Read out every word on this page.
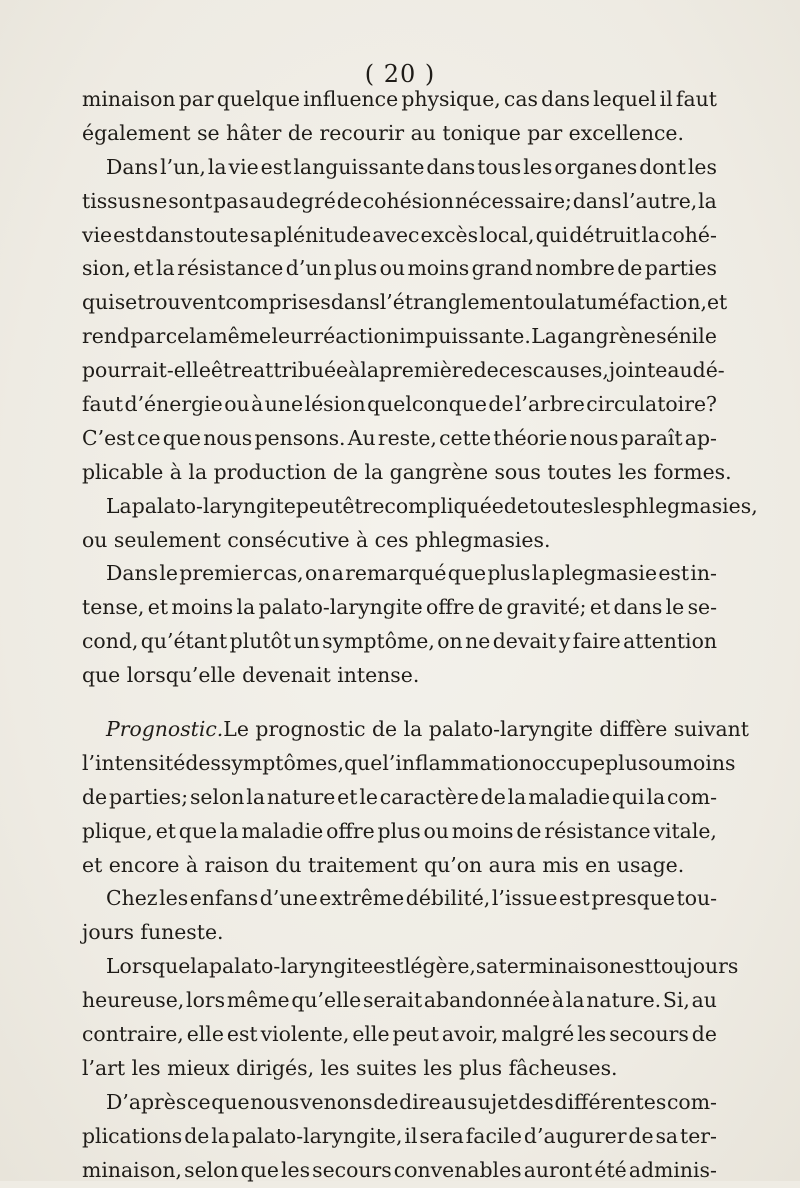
( 20 )
minaison par quelque influence physique, cas dans lequel il faut
également se hâter de recourir au tonique par excellence.
Dans l’un, la vie est languissante dans tous les organes dont les
tissus ne sont pas au degré de cohésion nécessaire; dans l’autre, la
vie est dans toute sa plénitude avec excès local, qui détruit la cohé-
sion, et la résistance d’un plus ou moins grand nombre de parties
qui se trouvent comprises dans l’étranglement ou la tuméfaction, et
rend par cela même leur réaction impuissante. La gangrène sénile
pourrait-elle être attribuée à la première de ces causes, jointe au dé-
faut d’énergie ou à une lésion quelconque de l’arbre circulatoire?
C’est ce que nous pensons. Au reste, cette théorie nous paraît ap-
plicable à la production de la gangrène sous toutes les formes.
La palato-laryngite peut être compliquée de toutes les phlegmasies,
ou seulement consécutive à ces phlegmasies.
Dans le premier cas, on a remarqué que plus la plegmasie est in-
tense, et moins la palato-laryngite offre de gravité; et dans le se-
cond, qu’étant plutôt un symptôme, on ne devait y faire attention
que lorsqu’elle devenait intense.
Prognostic. Le prognostic de la palato-laryngite diffère suivant
l’intensité des symptômes, que l’inflammation occupe plus ou moins
de parties; selon la nature et le caractère de la maladie qui la com-
plique, et que la maladie offre plus ou moins de résistance vitale,
et encore à raison du traitement qu’on aura mis en usage.
Chez les enfans d’une extrême débilité, l’issue est presque tou-
jours funeste.
Lorsque la palato-laryngite est légère, sa terminaison est toujours
heureuse, lors même qu’elle serait abandonnée à la nature. Si, au
contraire, elle est violente, elle peut avoir, malgré les secours de
l’art les mieux dirigés, les suites les plus fâcheuses.
D’après ce que nous venons de dire au sujet des différentes com-
plications de la palato-laryngite, il sera facile d’augurer de sa ter-
minaison, selon que les secours convenables auront été adminis-
